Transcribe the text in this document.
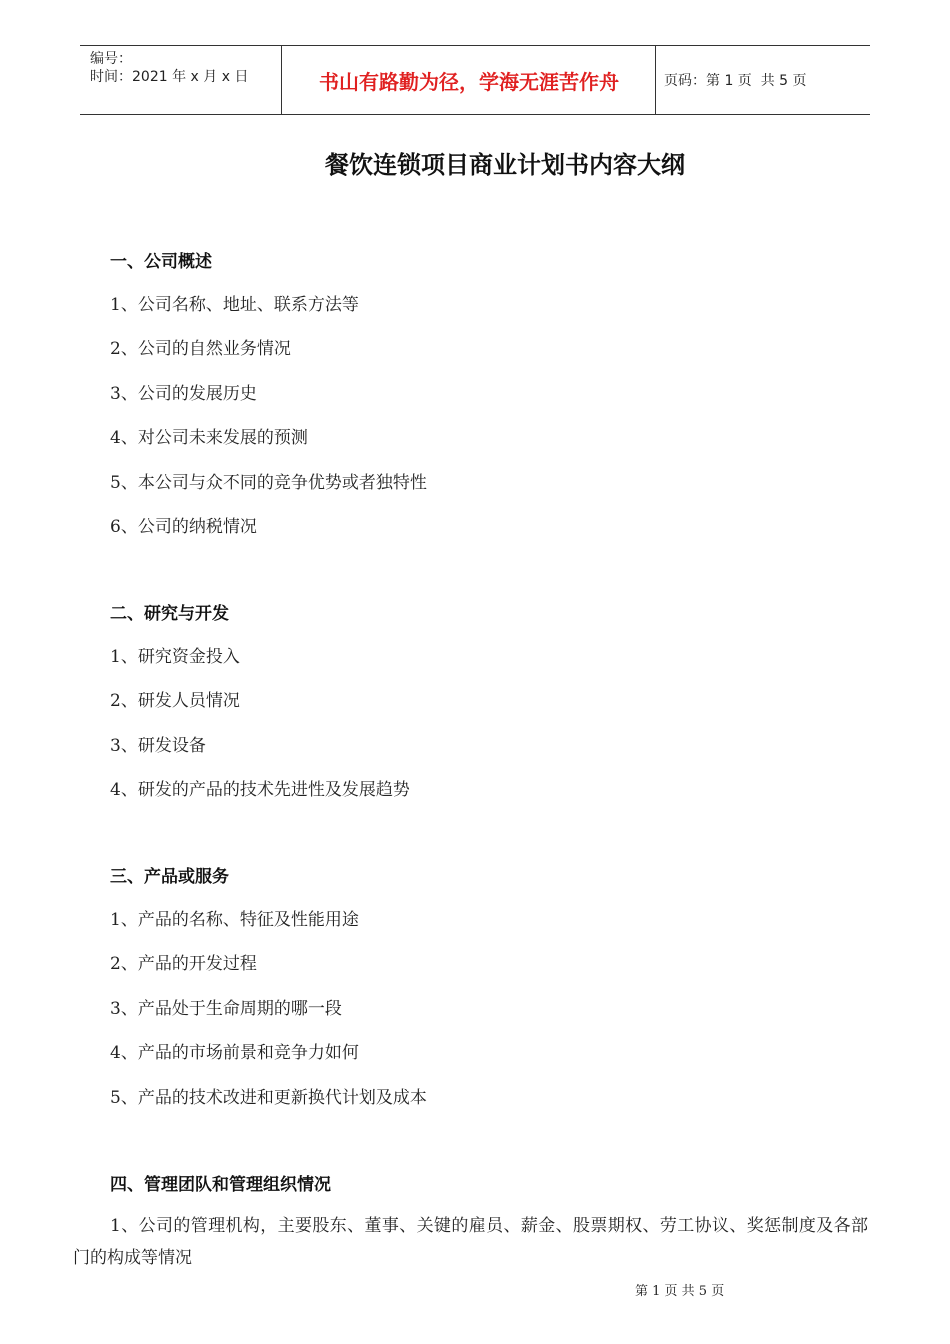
编号：
时间：2021 年 x 月 x 日	书山有路勤为径，学海无涯苦作舟	页码：第 1 页  共 5 页
餐饮连锁项目商业计划书内容大纲
一、公司概述
1、公司名称、地址、联系方法等
2、公司的自然业务情况
3、公司的发展历史
4、对公司未来发展的预测
5、本公司与众不同的竞争优势或者独特性
6、公司的纳税情况
二、研究与开发
1、研究资金投入
2、研发人员情况
3、研发设备
4、研发的产品的技术先进性及发展趋势
三、产品或服务
1、产品的名称、特征及性能用途
2、产品的开发过程
3、产品处于生命周期的哪一段
4、产品的市场前景和竞争力如何
5、产品的技术改进和更新换代计划及成本
四、管理团队和管理组织情况
1、公司的管理机构，主要股东、董事、关键的雇员、薪金、股票期权、劳工协议、奖惩制度及各部门的构成等情况
第 1 页 共 5 页
